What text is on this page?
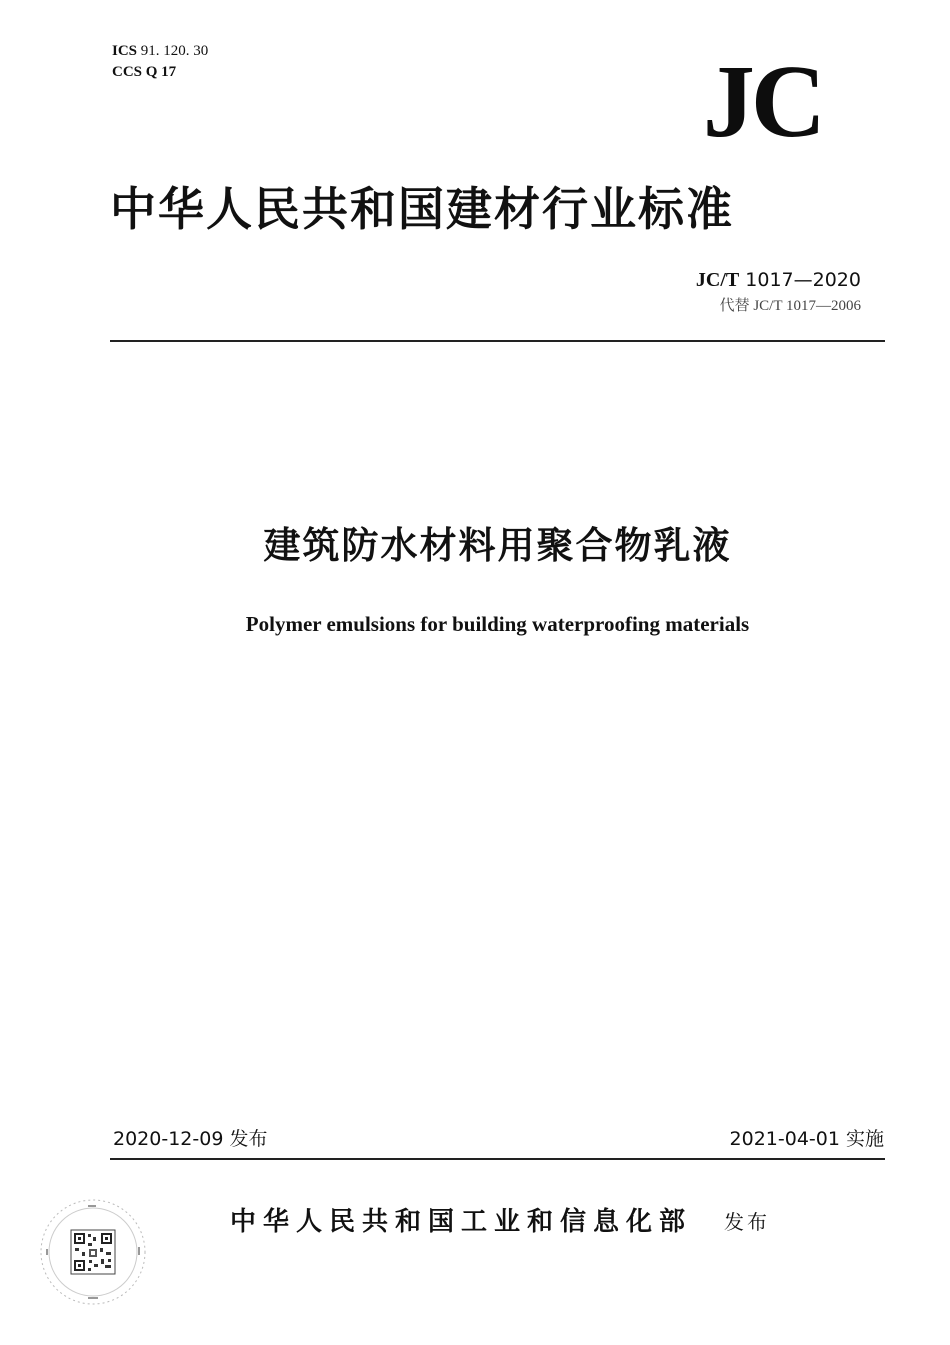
ICS 91. 120. 30
CCS Q 17	JC
中华人民共和国建材行业标准
JC/T 1017—2020
代替 JC/T 1017—2006
建筑防水材料用聚合物乳液
Polymer emulsions for building waterproofing materials
2020-12-09 发布	2021-04-01 实施
中华人民共和国工业和信息化部 发布
